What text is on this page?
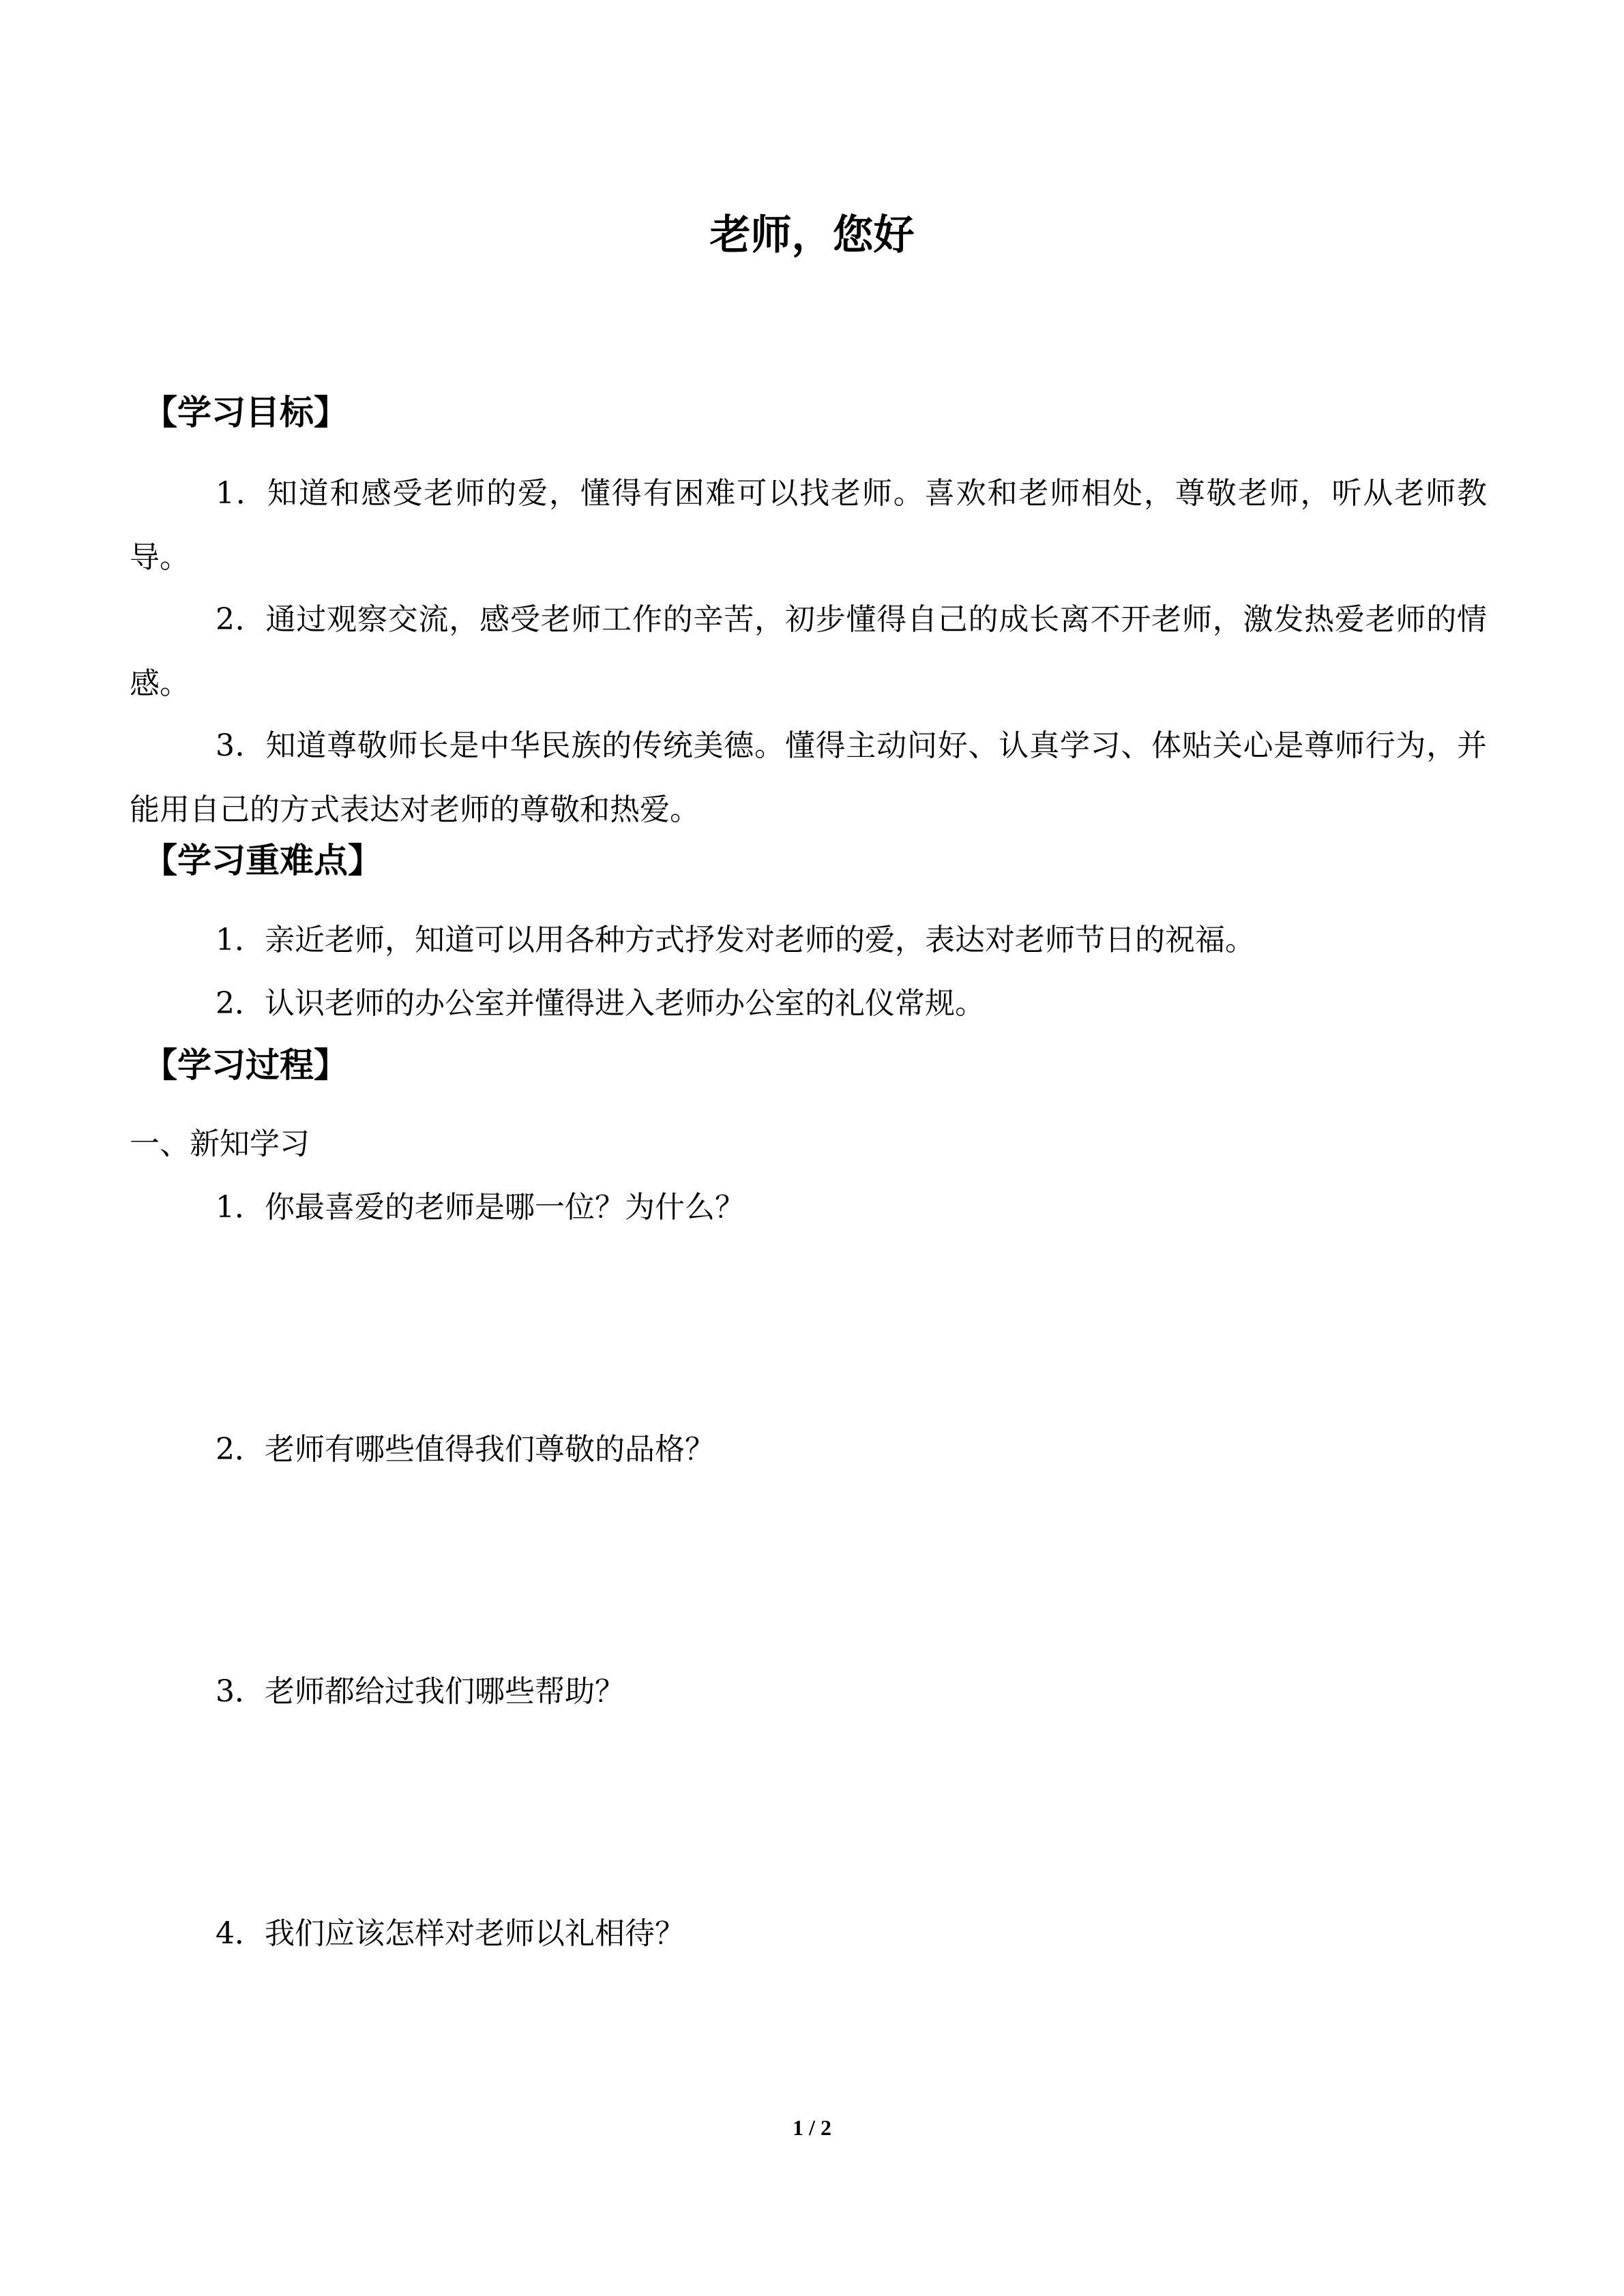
老师，您好
【学习目标】

1．知道和感受老师的爱，懂得有困难可以找老师。喜欢和老师相处，尊敬老师，听从老师教导。

2．通过观察交流，感受老师工作的辛苦，初步懂得自己的成长离不开老师，激发热爱老师的情感。

3．知道尊敬师长是中华民族的传统美德。懂得主动问好、认真学习、体贴关心是尊师行为，并能用自己的方式表达对老师的尊敬和热爱。

【学习重难点】

1．亲近老师，知道可以用各种方式抒发对老师的爱，表达对老师节日的祝福。

2．认识老师的办公室并懂得进入老师办公室的礼仪常规。

【学习过程】

一、新知学习

1．你最喜爱的老师是哪一位？为什么？

2．老师有哪些值得我们尊敬的品格？

3．老师都给过我们哪些帮助？

4．我们应该怎样对老师以礼相待？

1 / 2
